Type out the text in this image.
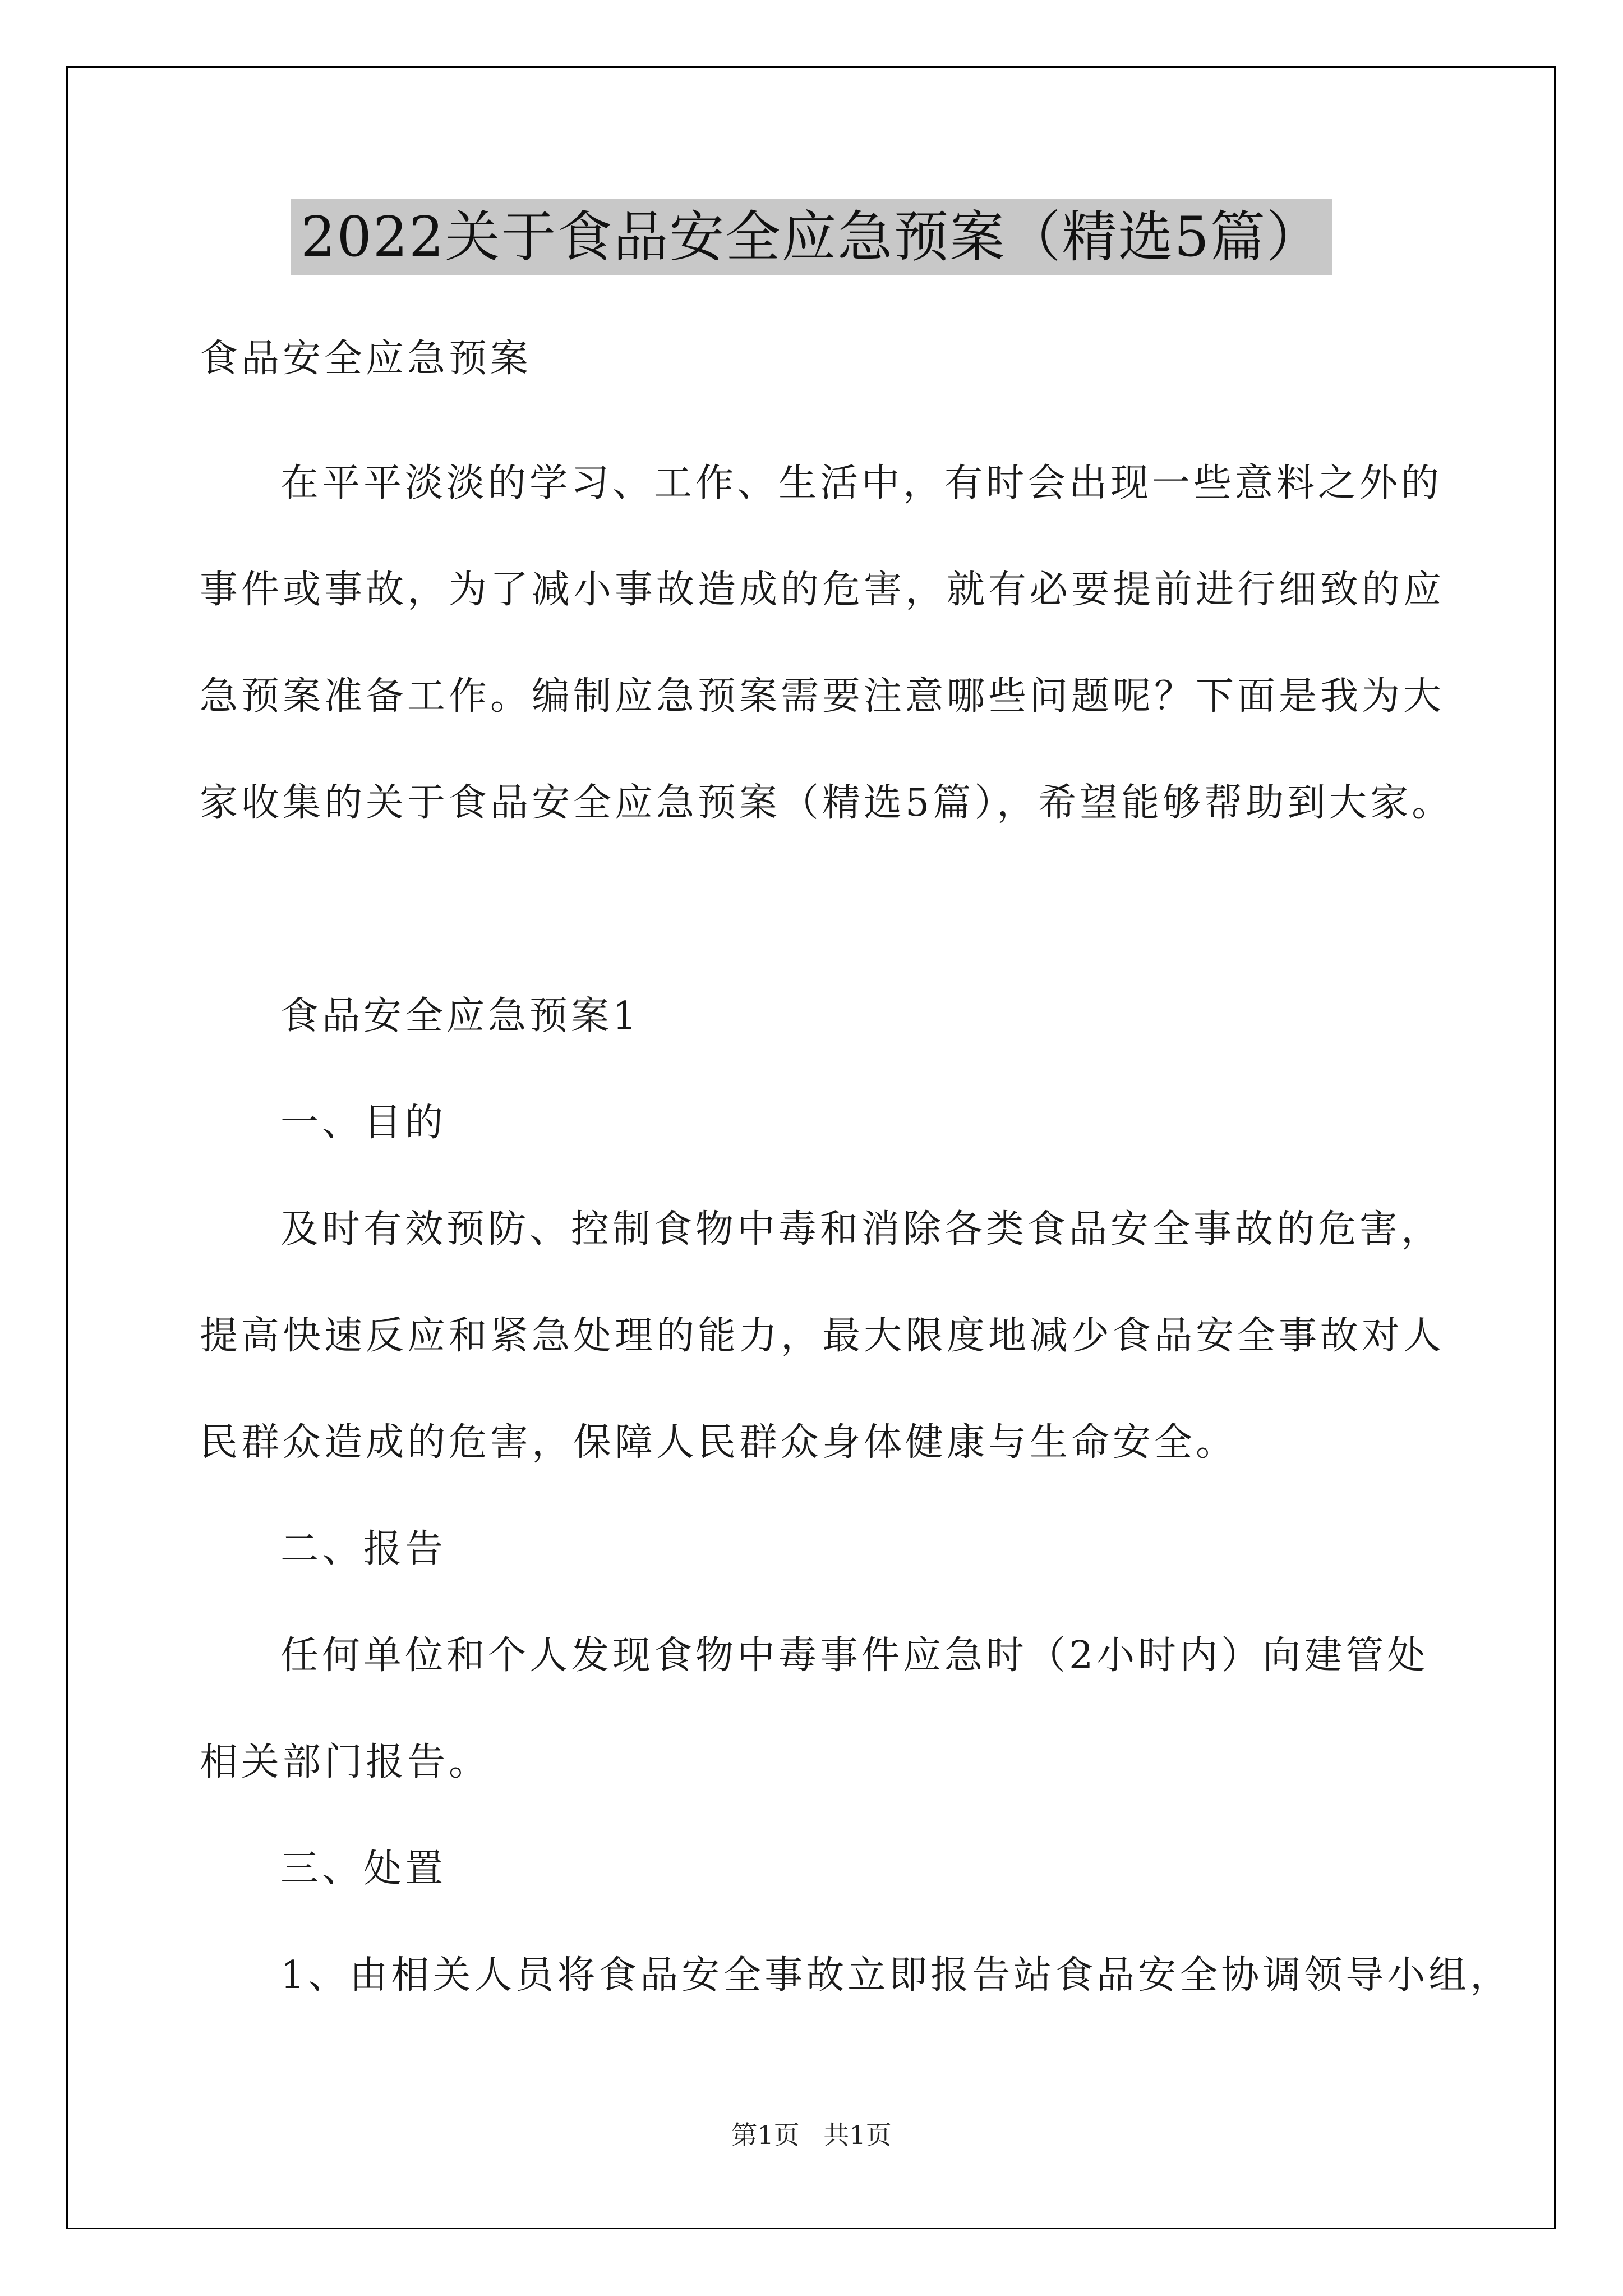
2022关于食品安全应急预案（精选5篇）
食品安全应急预案
在平平淡淡的学习、工作、生活中，有时会出现一些意料之外的
事件或事故，为了减小事故造成的危害，就有必要提前进行细致的应
急预案准备工作。编制应急预案需要注意哪些问题呢？下面是我为大
家收集的关于食品安全应急预案（精选5篇），希望能够帮助到大家。
食品安全应急预案1
一、目的
及时有效预防、控制食物中毒和消除各类食品安全事故的危害，
提高快速反应和紧急处理的能力，最大限度地减少食品安全事故对人
民群众造成的危害，保障人民群众身体健康与生命安全。
二、报告
任何单位和个人发现食物中毒事件应急时（2小时内）向建管处
相关部门报告。
三、处置
1、由相关人员将食品安全事故立即报告站食品安全协调领导小组，
第1页 共1页
